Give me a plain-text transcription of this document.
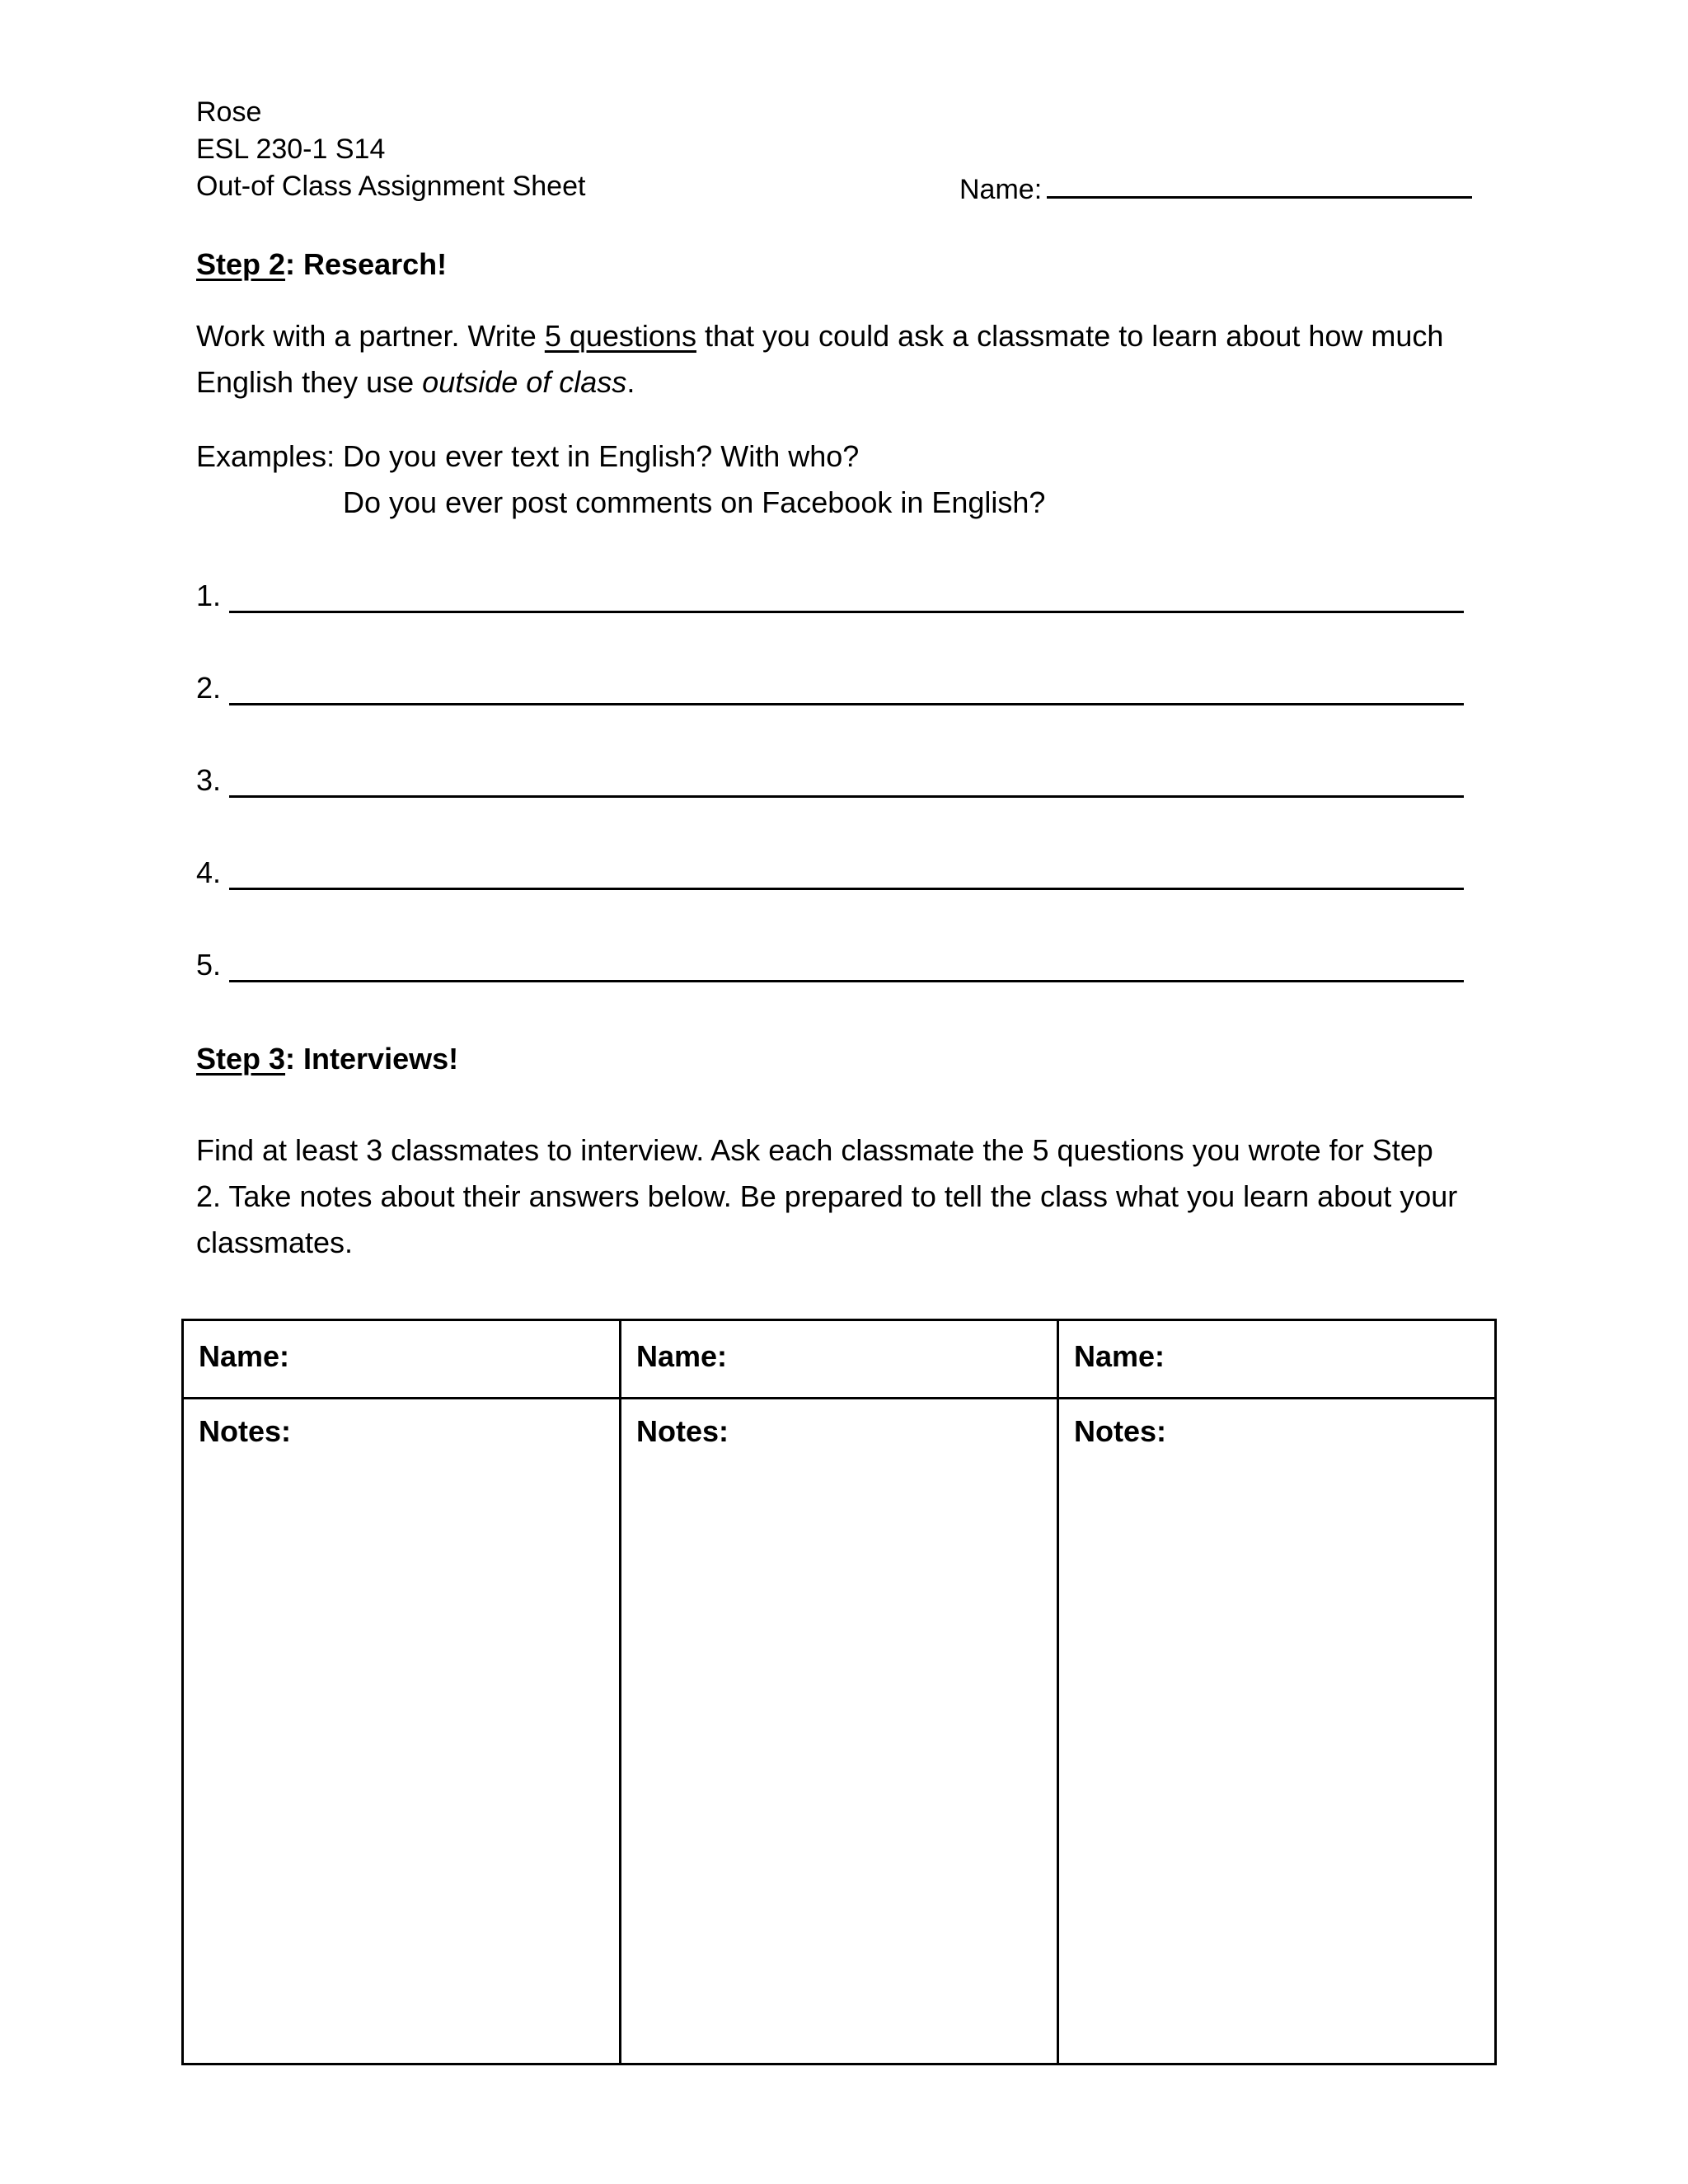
Rose
ESL 230-1 S14
Out-of Class Assignment Sheet	Name:
Step 2: Research!
Work with a partner. Write 5 questions that you could ask a classmate to learn about how much English they use outside of class.
Examples: Do you ever text in English? With who?
Do you ever post comments on Facebook in English?
1.
2.
3.
4.
5.
Step 3: Interviews!
Find at least 3 classmates to interview. Ask each classmate the 5 questions you wrote for Step 2. Take notes about their answers below. Be prepared to tell the class what you learn about your classmates.
Name:	Name:	Name:
Notes:	Notes:	Notes:
